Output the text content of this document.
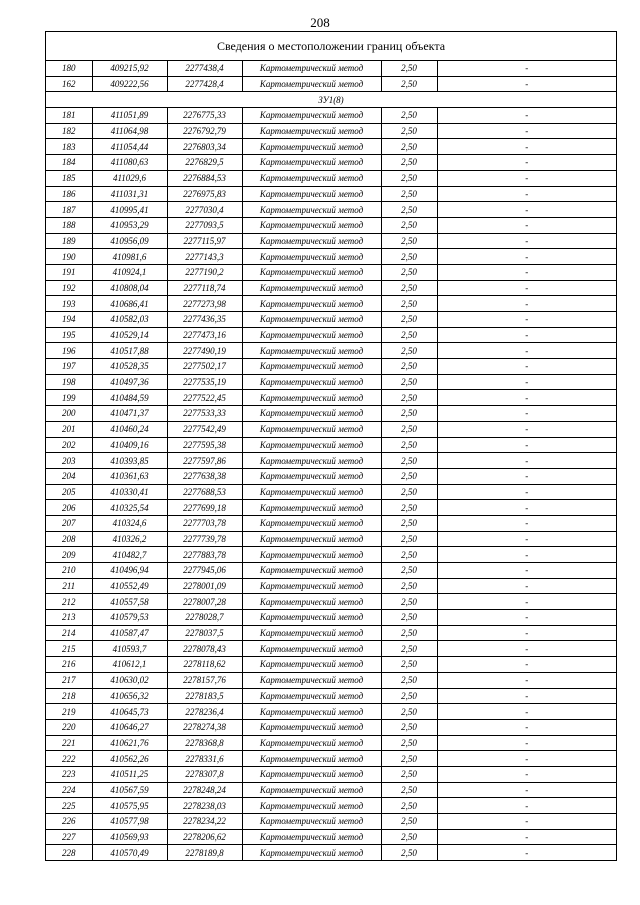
208
Сведения о местоположении границ объекта
180	409215,92	2277438,4	Картометрический метод	2,50	-
162	409222,56	2277428,4	Картометрический метод	2,50	-
ЗУ1(8)					
181	411051,89	2276775,33	Картометрический метод	2,50	-
182	411064,98	2276792,79	Картометрический метод	2,50	-
183	411054,44	2276803,34	Картометрический метод	2,50	-
184	411080,63	2276829,5	Картометрический метод	2,50	-
185	411029,6	2276884,53	Картометрический метод	2,50	-
186	411031,31	2276975,83	Картометрический метод	2,50	-
187	410995,41	2277030,4	Картометрический метод	2,50	-
188	410953,29	2277093,5	Картометрический метод	2,50	-
189	410956,09	2277115,97	Картометрический метод	2,50	-
190	410981,6	2277143,3	Картометрический метод	2,50	-
191	410924,1	2277190,2	Картометрический метод	2,50	-
192	410808,04	2277118,74	Картометрический метод	2,50	-
193	410686,41	2277273,98	Картометрический метод	2,50	-
194	410582,03	2277436,35	Картометрический метод	2,50	-
195	410529,14	2277473,16	Картометрический метод	2,50	-
196	410517,88	2277490,19	Картометрический метод	2,50	-
197	410528,35	2277502,17	Картометрический метод	2,50	-
198	410497,36	2277535,19	Картометрический метод	2,50	-
199	410484,59	2277522,45	Картометрический метод	2,50	-
200	410471,37	2277533,33	Картометрический метод	2,50	-
201	410460,24	2277542,49	Картометрический метод	2,50	-
202	410409,16	2277595,38	Картометрический метод	2,50	-
203	410393,85	2277597,86	Картометрический метод	2,50	-
204	410361,63	2277638,38	Картометрический метод	2,50	-
205	410330,41	2277688,53	Картометрический метод	2,50	-
206	410325,54	2277699,18	Картометрический метод	2,50	-
207	410324,6	2277703,78	Картометрический метод	2,50	-
208	410326,2	2277739,78	Картометрический метод	2,50	-
209	410482,7	2277883,78	Картометрический метод	2,50	-
210	410496,94	2277945,06	Картометрический метод	2,50	-
211	410552,49	2278001,09	Картометрический метод	2,50	-
212	410557,58	2278007,28	Картометрический метод	2,50	-
213	410579,53	2278028,7	Картометрический метод	2,50	-
214	410587,47	2278037,5	Картометрический метод	2,50	-
215	410593,7	2278078,43	Картометрический метод	2,50	-
216	410612,1	2278118,62	Картометрический метод	2,50	-
217	410630,02	2278157,76	Картометрический метод	2,50	-
218	410656,32	2278183,5	Картометрический метод	2,50	-
219	410645,73	2278236,4	Картометрический метод	2,50	-
220	410646,27	2278274,38	Картометрический метод	2,50	-
221	410621,76	2278368,8	Картометрический метод	2,50	-
222	410562,26	2278331,6	Картометрический метод	2,50	-
223	410511,25	2278307,8	Картометрический метод	2,50	-
224	410567,59	2278248,24	Картометрический метод	2,50	-
225	410575,95	2278238,03	Картометрический метод	2,50	-
226	410577,98	2278234,22	Картометрический метод	2,50	-
227	410569,93	2278206,62	Картометрический метод	2,50	-
228	410570,49	2278189,8	Картометрический метод	2,50	-
